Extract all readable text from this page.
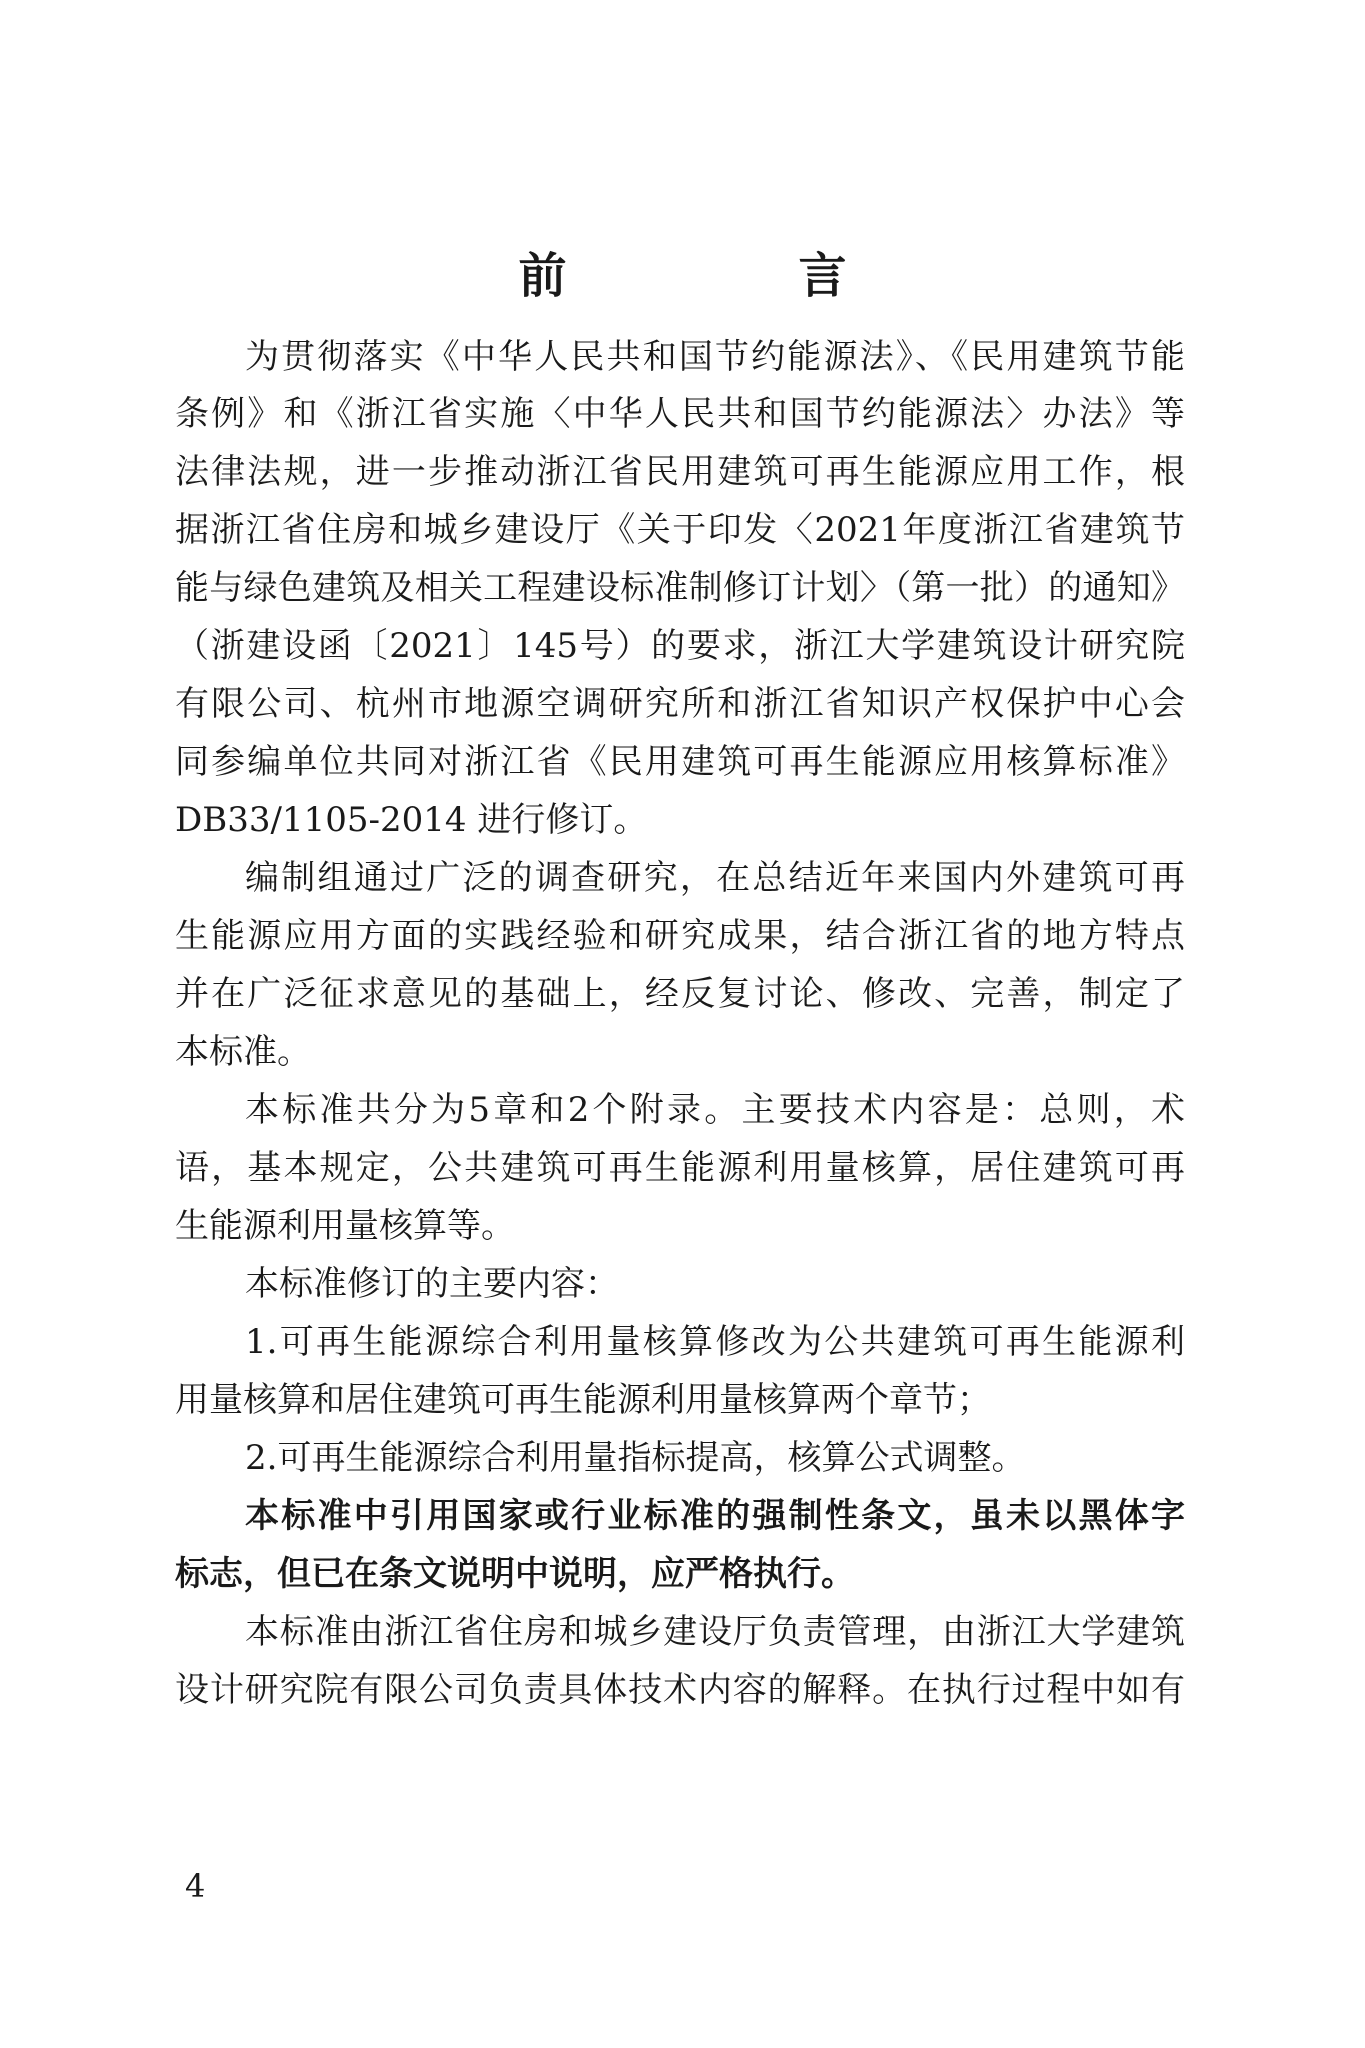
前　言
为贯彻落实《中华人民共和国节约能源法》、《民用建筑节能
条例》和《浙江省实施〈中华人民共和国节约能源法〉办法》等
法律法规，进一步推动浙江省民用建筑可再生能源应用工作，根
据浙江省住房和城乡建设厅《关于印发〈2021年度浙江省建筑节
能与绿色建筑及相关工程建设标准制修订计划〉（第一批）的通知》
（浙建设函〔2021〕145号）的要求，浙江大学建筑设计研究院
有限公司、杭州市地源空调研究所和浙江省知识产权保护中心会
同参编单位共同对浙江省《民用建筑可再生能源应用核算标准》
DB33/1105-2014 进行修订。
编制组通过广泛的调查研究，在总结近年来国内外建筑可再
生能源应用方面的实践经验和研究成果，结合浙江省的地方特点
并在广泛征求意见的基础上，经反复讨论、修改、完善，制定了
本标准。
本标准共分为5章和2个附录。主要技术内容是：总则，术
语，基本规定，公共建筑可再生能源利用量核算，居住建筑可再
生能源利用量核算等。
本标准修订的主要内容：
1.可再生能源综合利用量核算修改为公共建筑可再生能源利
用量核算和居住建筑可再生能源利用量核算两个章节；
2.可再生能源综合利用量指标提高，核算公式调整。
本标准中引用国家或行业标准的强制性条文，虽未以黑体字
标志，但已在条文说明中说明，应严格执行。
本标准由浙江省住房和城乡建设厅负责管理，由浙江大学建筑
设计研究院有限公司负责具体技术内容的解释。在执行过程中如有
4
